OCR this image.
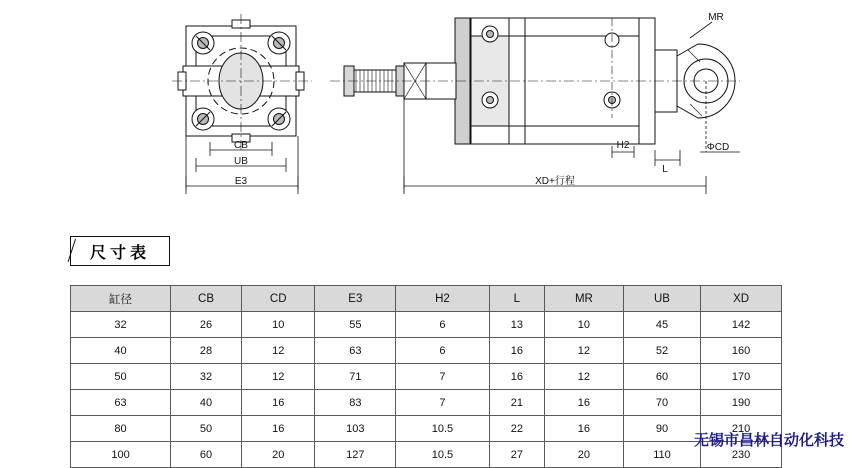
CB
UB
E3
H2
L
ΦCD
XD+行程
MR
尺寸表
缸径	CB	CD	E3	H2	L	MR	UB	XD
32	26	10	55	6	13	10	45	142
40	28	12	63	6	16	12	52	160
50	32	12	71	7	16	12	60	170
63	40	16	83	7	21	16	70	190
80	50	16	103	10.5	22	16	90	210
100	60	20	127	10.5	27	20	110	230
无锡市昌林自动化科技
